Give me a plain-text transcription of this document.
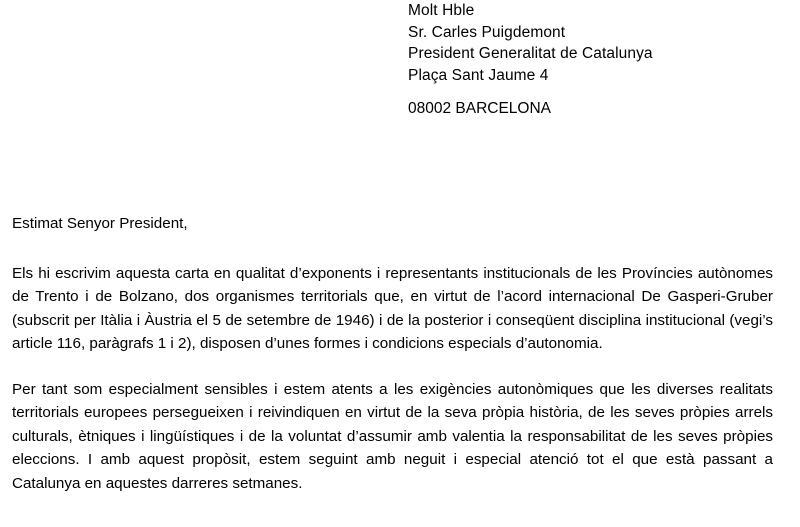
Molt Hble
Sr. Carles Puigdemont
President Generalitat de Catalunya
Plaça Sant Jaume 4
08002 BARCELONA

Estimat Senyor President,

Els hi escrivim aquesta carta en qualitat d’exponents i representants institucionals de les Províncies autònomes de Trento i de Bolzano, dos organismes territorials que, en virtut de l’acord internacional De Gasperi-Gruber (subscrit per Itàlia i Àustria el 5 de setembre de 1946) i de la posterior i conseqüent disciplina institucional (vegi’s article 116, paràgrafs 1 i 2), disposen d’unes formes i condicions especials d’autonomia.

Per tant som especialment sensibles i estem atents a les exigències autonòmiques que les diverses realitats territorials europees persegueixen i reivindiquen en virtut de la seva pròpia història, de les seves pròpies arrels culturals, ètniques i lingüístiques i de la voluntat d’assumir amb valentia la responsabilitat de les seves pròpies eleccions. I amb aquest propòsit, estem seguint amb neguit i especial atenció tot el que està passant a Catalunya en aquestes darreres setmanes.
